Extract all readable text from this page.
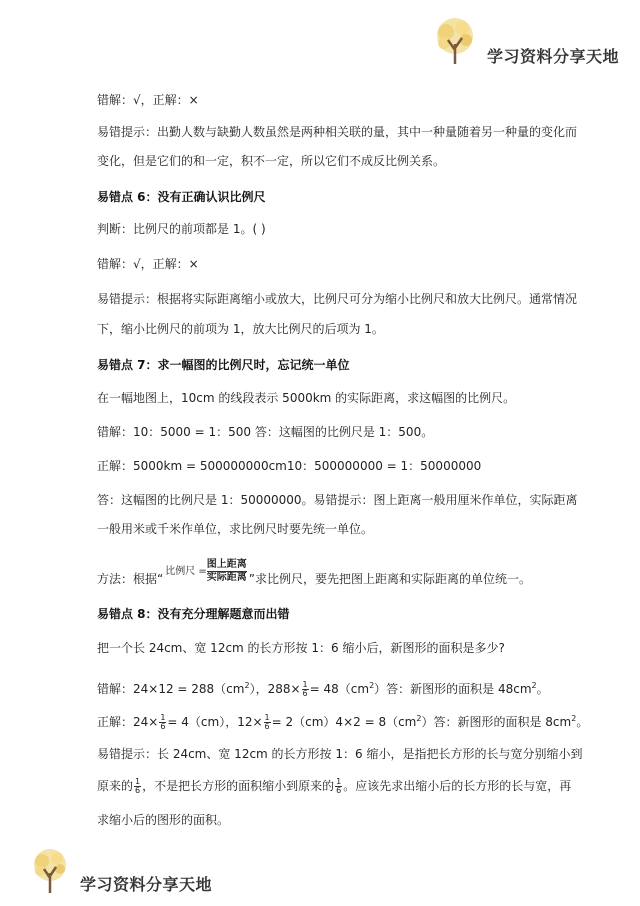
学习资料分享天地
错解：√，正解：×
易错提示：出勤人数与缺勤人数虽然是两种相关联的量，其中一种量随着另一种量的变化而
变化，但是它们的和一定，积不一定，所以它们不成反比例关系。
易错点 6：没有正确认识比例尺
判断：比例尺的前项都是 1。( )
错解：√，正解：×
易错提示：根据将实际距离缩小或放大，比例尺可分为缩小比例尺和放大比例尺。通常情况
下，缩小比例尺的前项为 1，放大比例尺的后项为 1。
易错点 7：求一幅图的比例尺时，忘记统一单位
在一幅地图上，10cm 的线段表示 5000km 的实际距离，求这幅图的比例尺。
错解：10：5000 = 1：500 答：这幅图的比例尺是 1：500。
正解：5000km = 500000000cm10：500000000 = 1：50000000
答：这幅图的比例尺是 1：50000000。易错提示：图上距离一般用厘米作单位，实际距离
一般用米或千米作单位，求比例尺时要先统一单位。
方法：根据“比例尺 =
图上距离
实际距离 ”求比例尺，要先把图上距离和实际距离的单位统一。
易错点 8：没有充分理解题意而出错
把一个长 24cm、宽 12cm 的长方形按 1：6 缩小后，新图形的面积是多少?
错解：$24\times 12 = 288(cm^2)$，$288\times \frac{1}{6} = 48(cm^2)$答：新图形的面积是 $48cm^2$。
正解：$24\times \frac{1}{6} = 4(cm)$，$12\times \frac{1}{6} = 2(cm)4\times 2 = 8(cm^2)$答：新图形的面积是 $8cm^2$。
易错提示：长 24cm、宽 12cm 的长方形按 1：6 缩小，是指把长方形的长与宽分别缩小到
原来的 $\frac{1}{6}$ ，不是把长方形的面积缩小到原来的 $\frac{1}{6}$ 。应该先求出缩小后的长方形的长与宽，再
求缩小后的图形的面积。
学习资料分享天地
